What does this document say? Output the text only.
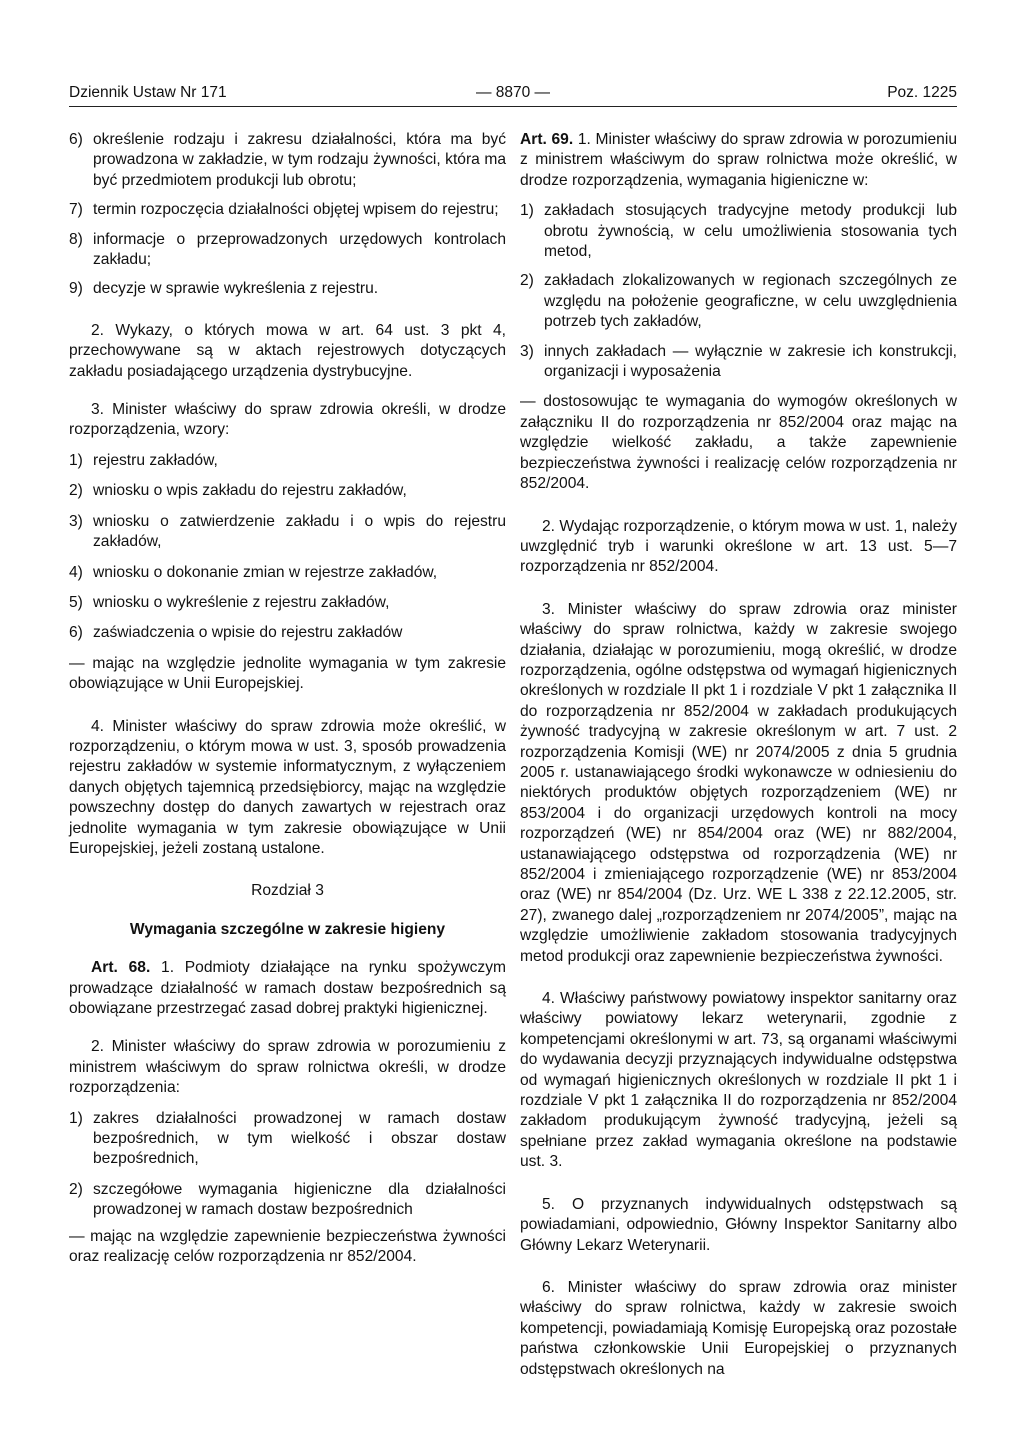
Dziennik Ustaw Nr 171	— 8870 —	Poz. 1225
6) określenie rodzaju i zakresu działalności, która ma być prowadzona w zakładzie, w tym rodzaju żywności, która ma być przedmiotem produkcji lub obrotu;
7) termin rozpoczęcia działalności objętej wpisem do rejestru;
8) informacje o przeprowadzonych urzędowych kontrolach zakładu;
9) decyzje w sprawie wykreślenia z rejestru.

2. Wykazy, o których mowa w art. 64 ust. 3 pkt 4, przechowywane są w aktach rejestrowych dotyczących zakładu posiadającego urządzenia dystrybucyjne.

3. Minister właściwy do spraw zdrowia określi, w drodze rozporządzenia, wzory:

1) rejestru zakładów,
2) wniosku o wpis zakładu do rejestru zakładów,
3) wniosku o zatwierdzenie zakładu i o wpis do rejestru zakładów,
4) wniosku o dokonanie zmian w rejestrze zakładów,
5) wniosku o wykreślenie z rejestru zakładów,
6) zaświadczenia o wpisie do rejestru zakładów

— mając na względzie jednolite wymagania w tym zakresie obowiązujące w Unii Europejskiej.

4. Minister właściwy do spraw zdrowia może określić, w rozporządzeniu, o którym mowa w ust. 3, sposób prowadzenia rejestru zakładów w systemie informatycznym, z wyłączeniem danych objętych tajemnicą przedsiębiorcy, mając na względzie powszechny dostęp do danych zawartych w rejestrach oraz jednolite wymagania w tym zakresie obowiązujące w Unii Europejskiej, jeżeli zostaną ustalone.

Rozdział 3

Wymagania szczególne w zakresie higieny

Art. 68. 1. Podmioty działające na rynku spożywczym prowadzące działalność w ramach dostaw bezpośrednich są obowiązane przestrzegać zasad dobrej praktyki higienicznej.

2. Minister właściwy do spraw zdrowia w porozumieniu z ministrem właściwym do spraw rolnictwa określi, w drodze rozporządzenia:

1) zakres działalności prowadzonej w ramach dostaw bezpośrednich, w tym wielkość i obszar dostaw bezpośrednich,
2) szczegółowe wymagania higieniczne dla działalności prowadzonej w ramach dostaw bezpośrednich

— mając na względzie zapewnienie bezpieczeństwa żywności oraz realizację celów rozporządzenia nr 852/2004.

Art. 69. 1. Minister właściwy do spraw zdrowia w porozumieniu z ministrem właściwym do spraw rolnictwa może określić, w drodze rozporządzenia, wymagania higieniczne w:

1) zakładach stosujących tradycyjne metody produkcji lub obrotu żywnością, w celu umożliwienia stosowania tych metod,
2) zakładach zlokalizowanych w regionach szczególnych ze względu na położenie geograficzne, w celu uwzględnienia potrzeb tych zakładów,
3) innych zakładach — wyłącznie w zakresie ich konstrukcji, organizacji i wyposażenia

— dostosowując te wymagania do wymogów określonych w załączniku II do rozporządzenia nr 852/2004 oraz mając na względzie wielkość zakładu, a także zapewnienie bezpieczeństwa żywności i realizację celów rozporządzenia nr 852/2004.

2. Wydając rozporządzenie, o którym mowa w ust. 1, należy uwzględnić tryb i warunki określone w art. 13 ust. 5—7 rozporządzenia nr 852/2004.

3. Minister właściwy do spraw zdrowia oraz minister właściwy do spraw rolnictwa, każdy w zakresie swojego działania, działając w porozumieniu, mogą określić, w drodze rozporządzenia, ogólne odstępstwa od wymagań higienicznych określonych w rozdziale II pkt 1 i rozdziale V pkt 1 załącznika II do rozporządzenia nr 852/2004 w zakładach produkujących żywność tradycyjną w zakresie określonym w art. 7 ust. 2 rozporządzenia Komisji (WE) nr 2074/2005 z dnia 5 grudnia 2005 r. ustanawiającego środki wykonawcze w odniesieniu do niektórych produktów objętych rozporządzeniem (WE) nr 853/2004 i do organizacji urzędowych kontroli na mocy rozporządzeń (WE) nr 854/2004 oraz (WE) nr 882/2004, ustanawiającego odstępstwa od rozporządzenia (WE) nr 852/2004 i zmieniającego rozporządzenie (WE) nr 853/2004 oraz (WE) nr 854/2004 (Dz. Urz. WE L 338 z 22.12.2005, str. 27), zwanego dalej „rozporządzeniem nr 2074/2005”, mając na względzie umożliwienie zakładom stosowania tradycyjnych metod produkcji oraz zapewnienie bezpieczeństwa żywności.

4. Właściwy państwowy powiatowy inspektor sanitarny oraz właściwy powiatowy lekarz weterynarii, zgodnie z kompetencjami określonymi w art. 73, są organami właściwymi do wydawania decyzji przyznających indywidualne odstępstwa od wymagań higienicznych określonych w rozdziale II pkt 1 i rozdziale V pkt 1 załącznika II do rozporządzenia nr 852/2004 zakładom produkującym żywność tradycyjną, jeżeli są spełniane przez zakład wymagania określone na podstawie ust. 3.

5. O przyznanych indywidualnych odstępstwach są powiadamiani, odpowiednio, Główny Inspektor Sanitarny albo Główny Lekarz Weterynarii.

6. Minister właściwy do spraw zdrowia oraz minister właściwy do spraw rolnictwa, każdy w zakresie swoich kompetencji, powiadamiają Komisję Europejską oraz pozostałe państwa członkowskie Unii Europejskiej o przyznanych odstępstwach określonych na
